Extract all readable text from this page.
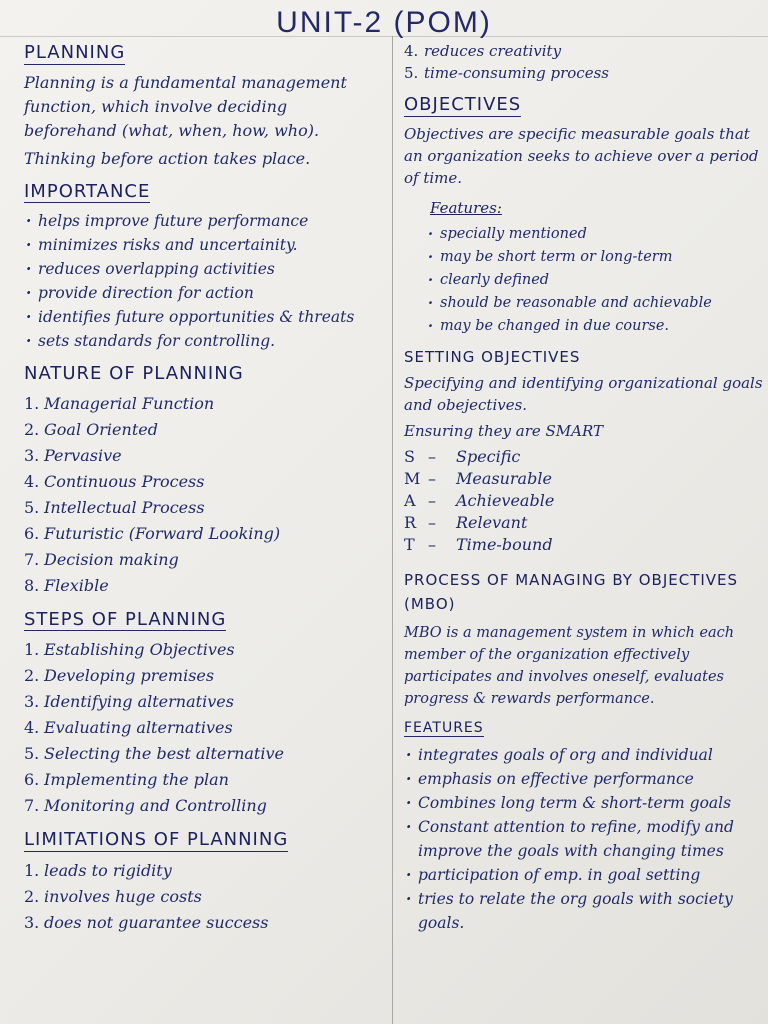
UNIT-2 (POM)
PLANNING

Planning is a fundamental management function, which involve deciding beforehand (what, when, how, who).

Thinking before action takes place.

IMPORTANCE
· helps improve future performance
· minimizes risks and uncertainity.
· reduces overlapping activities
· provide direction for action
· identifies future opportunities & threats
· sets standards for controlling.
NATURE OF PLANNING
1. Managerial Function
2. Goal Oriented
3. Pervasive
4. Continuous Process
5. Intellectual Process
6. Futuristic (Forward Looking)
7. Decision making
8. Flexible
STEPS OF PLANNING
1. Establishing Objectives
2. Developing premises
3. Identifying alternatives
4. Evaluating alternatives
5. Selecting the best alternative
6. Implementing the plan
7. Monitoring and Controlling
LIMITATIONS OF PLANNING
1. leads to rigidity
2. involves huge costs
3. does not guarantee success
4. reduces creativity
5. time-consuming process
OBJECTIVES

Objectives are specific measurable goals that an organization seeks to achieve over a period of time.

Features:
· specially mentioned
· may be short term or long-term
· clearly defined
· should be reasonable and achievable
· may be changed in due course.
SETTING OBJECTIVES

Specifying and identifying organizational goals and obejectives.

Ensuring they are SMART

S – Specific
M – Measurable
A – Achieveable
R – Relevant
T – Time-bound
PROCESS OF MANAGING BY OBJECTIVES (MBO)

MBO is a management system in which each member of the organization effectively participates and involves oneself, evaluates progress & rewards performance.

FEATURES
· integrates goals of org and individual
· emphasis on effective performance
· Combines long term & short-term goals
· Constant attention to refine, modify and improve the goals with changing times
· participation of emp. in goal setting
· tries to relate the org goals with society goals.
